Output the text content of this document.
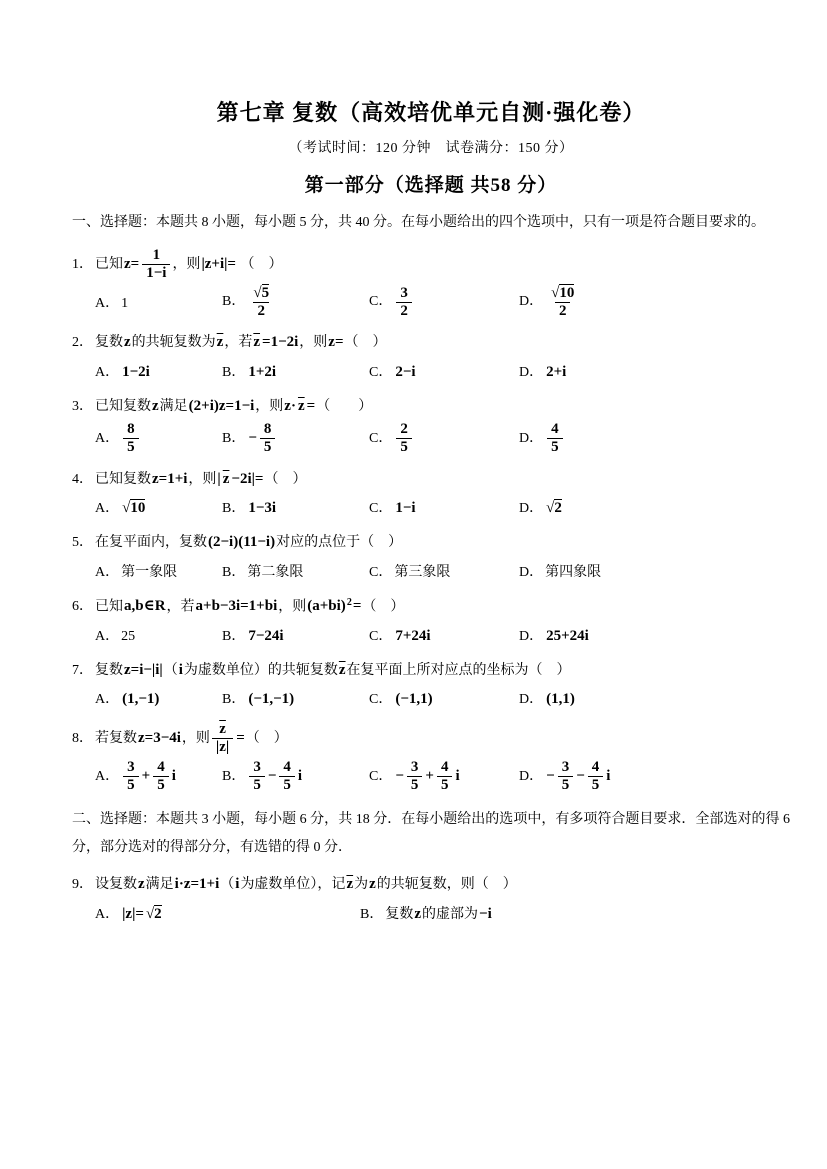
第七章 复数（高效培优单元自测·强化卷）
（考试时间：120 分钟　试卷满分：150 分）
第一部分（选择题 共58 分）

一、选择题：本题共 8 小题，每小题 5 分，共 40 分。在每小题给出的四个选项中，只有一项是符合题目要求的。

1． 已知$z= \frac{1}{1-i}$ ，则|z+i|= （　）
A． 1	B． $\frac{√5}{2}$	C． $\frac{3}{2}$	D． $\frac{√10}{2}$
2． 复数z的共轭复数为$\overline{z}$，若$\overline{z} =1-2i$，则z=（　）
A． 1−2i	B． 1+2i	C． 2−i	D． 2+i
3． 已知复数z满足(2+i)z=1−i，则$z\cdot \overline{z}$ =（　　）
A． $\frac{8}{5}$	B． − $\frac{8}{5}$	C． $\frac{2}{5}$	D． $\frac{4}{5}$
4． 已知复数z=1+i，则| $\overline{z} -2i|=$（　）
A． √10	B． 1−3i	C． 1−i	D． √2
5． 在复平面内，复数(2−i)(11−i)对应的点位于（　）
A． 第一象限	B． 第二象限	C． 第三象限	D． 第四象限
6． 已知a,b∈R，若a+b−3i=1+bi，则$(a+bi)^2=$（　）
A． 25	B． 7−24i	C． 7+24i	D． 25+24i
7． 复数z=i−|i|（i为虚数单位）的共轭复数$\overline{z}$在复平面上所对应点的坐标为（　）
A． (1,−1)	B． (−1,−1)	C． (−1,1)	D． (1,1)
8． 若复数z=3−4i，则 $\frac{\overline{z}}{|z|}$ =（　）
A． $\frac{3}{5} + \frac{4}{5}$ i	B． $\frac{3}{5} - \frac{4}{5}$ i	C． − $\frac{3}{5} + \frac{4}{5}$ i	D． − $\frac{3}{5} - \frac{4}{5}$ i

二、选择题：本题共 3 小题，每小题 6 分，共 18 分．在每小题给出的选项中，有多项符合题目要求．全部选对的得 6 分，部分选对的得部分分，有选错的得 0 分．

9． 设复数z满足i·z=1+i（i为虚数单位），记$\overline{z}$为z的共轭复数，则（　）
A． |z|= √2	B． 复数z的虚部为−i
